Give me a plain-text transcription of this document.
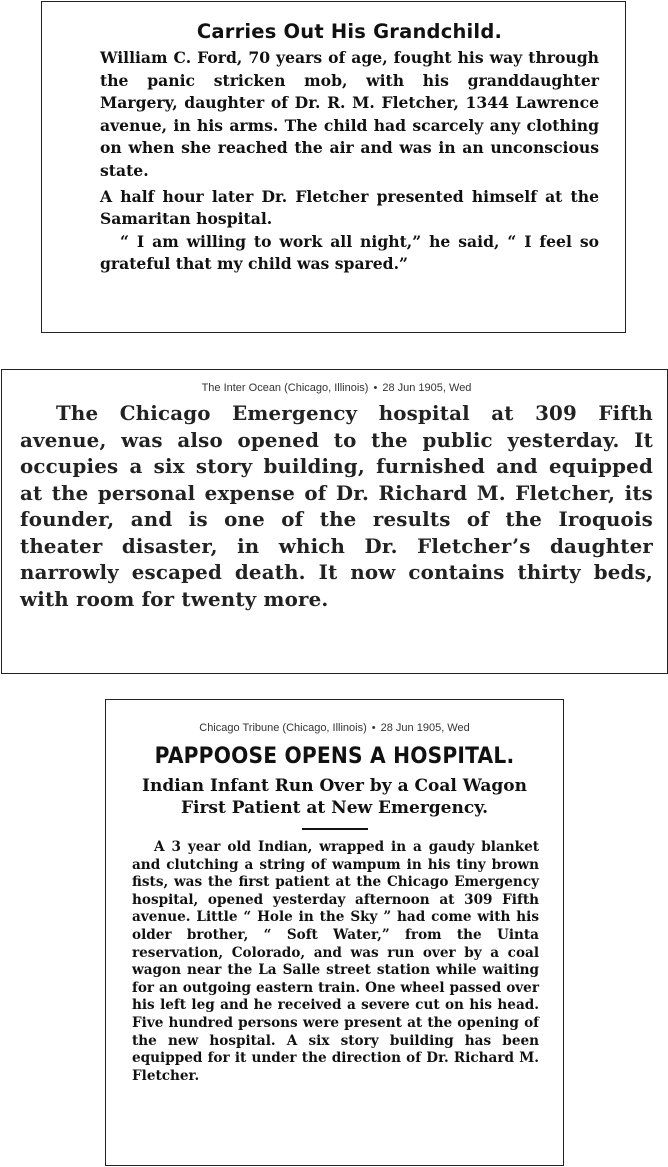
Carries Out His Grandchild.

William C. Ford, 70 years of age, fought his way through the panic stricken mob, with his granddaughter Margery, daughter of Dr. R. M. Fletcher, 1344 Lawrence avenue, in his arms. The child had scarcely any clothing on when she reached the air and was in an unconscious state.

A half hour later Dr. Fletcher presented himself at the Samaritan hospital.

“ I am willing to work all night,” he said, “ I feel so grateful that my child was spared.”

The Inter Ocean (Chicago, Illinois) • 28 Jun 1905, Wed

The Chicago Emergency hospital at 309 Fifth avenue, was also opened to the public yesterday. It occupies a six story building, furnished and equipped at the personal expense of Dr. Richard M. Fletcher, its founder, and is one of the results of the Iroquois theater disaster, in which Dr. Fletcher’s daughter narrowly escaped death. It now contains thirty beds, with room for twenty more.

Chicago Tribune (Chicago, Illinois) • 28 Jun 1905, Wed
PAPPOOSE OPENS A HOSPITAL.
Indian Infant Run Over by a Coal Wagon First Patient at New Emergency.

A 3 year old Indian, wrapped in a gaudy blanket and clutching a string of wampum in his tiny brown fists, was the first patient at the Chicago Emergency hospital, opened yesterday afternoon at 309 Fifth avenue. Little “ Hole in the Sky ” had come with his older brother, “ Soft Water,” from the Uinta reservation, Colorado, and was run over by a coal wagon near the La Salle street station while waiting for an outgoing eastern train. One wheel passed over his left leg and he received a severe cut on his head. Five hundred persons were present at the opening of the new hospital. A six story building has been equipped for it under the direction of Dr. Richard M. Fletcher.
